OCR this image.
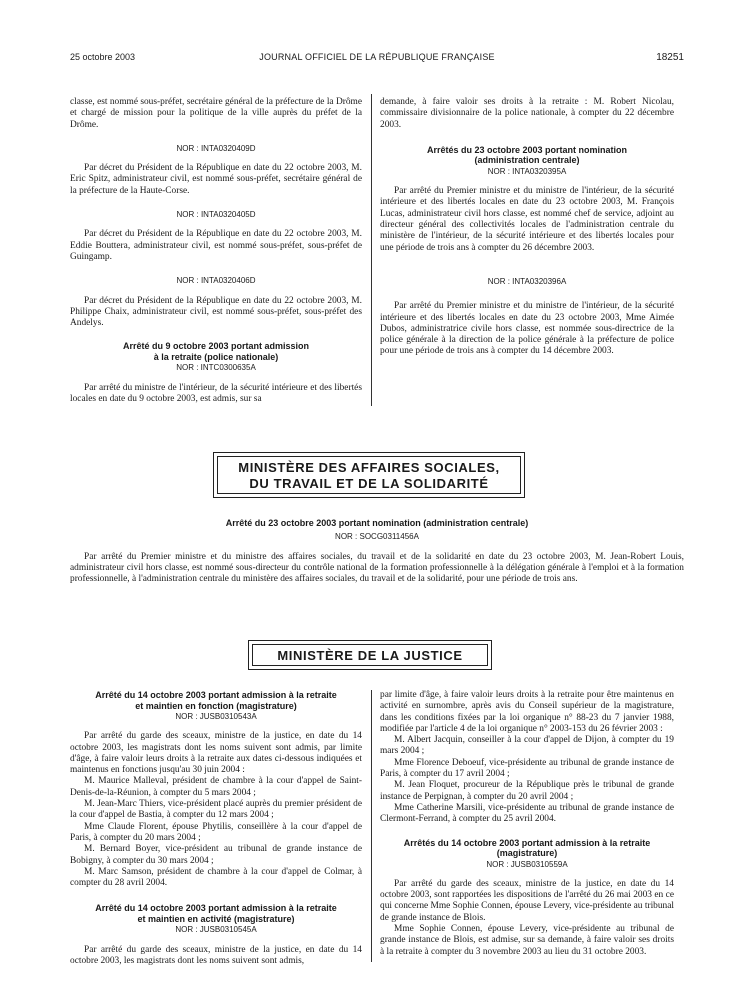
25 octobre 2003	JOURNAL OFFICIEL DE LA RÉPUBLIQUE FRANÇAISE	18251

classe, est nommé sous-préfet, secrétaire général de la préfecture de la Drôme et chargé de mission pour la politique de la ville auprès du préfet de la Drôme.

NOR : INTA0320409D

Par décret du Président de la République en date du 22 octobre 2003, M. Eric Spitz, administrateur civil, est nommé sous-préfet, secrétaire général de la préfecture de la Haute-Corse.

NOR : INTA0320405D

Par décret du Président de la République en date du 22 octobre 2003, M. Eddie Bouttera, administrateur civil, est nommé sous-préfet, sous-préfet de Guingamp.

NOR : INTA0320406D

Par décret du Président de la République en date du 22 octobre 2003, M. Philippe Chaix, administrateur civil, est nommé sous-préfet, sous-préfet des Andelys.

Arrêté du 9 octobre 2003 portant admission
à la retraite (police nationale)
NOR : INTC0300635A

Par arrêté du ministre de l'intérieur, de la sécurité intérieure et des libertés locales en date du 9 octobre 2003, est admis, sur sa

demande, à faire valoir ses droits à la retraite : M. Robert Nicolau, commissaire divisionnaire de la police nationale, à compter du 22 décembre 2003.

Arrêtés du 23 octobre 2003 portant nomination
(administration centrale)
NOR : INTA0320395A

Par arrêté du Premier ministre et du ministre de l'intérieur, de la sécurité intérieure et des libertés locales en date du 23 octobre 2003, M. François Lucas, administrateur civil hors classe, est nommé chef de service, adjoint au directeur général des collectivités locales de l'administration centrale du ministère de l'intérieur, de la sécurité intérieure et des libertés locales pour une période de trois ans à compter du 26 décembre 2003.

NOR : INTA0320396A

Par arrêté du Premier ministre et du ministre de l'intérieur, de la sécurité intérieure et des libertés locales en date du 23 octobre 2003, Mme Aimée Dubos, administratrice civile hors classe, est nommée sous-directrice de la police générale à la direction de la police générale à la préfecture de police pour une période de trois ans à compter du 14 décembre 2003.

MINISTÈRE DES AFFAIRES SOCIALES,
DU TRAVAIL ET DE LA SOLIDARITÉ
Arrêté du 23 octobre 2003 portant nomination (administration centrale)
NOR : SOCG0311456A

Par arrêté du Premier ministre et du ministre des affaires sociales, du travail et de la solidarité en date du 23 octobre 2003, M. Jean-Robert Louis, administrateur civil hors classe, est nommé sous-directeur du contrôle national de la formation professionnelle à la délégation générale à l'emploi et à la formation professionnelle, à l'administration centrale du ministère des affaires sociales, du travail et de la solidarité, pour une période de trois ans.

MINISTÈRE DE LA JUSTICE
Arrêté du 14 octobre 2003 portant admission à la retraite
et maintien en fonction (magistrature)
NOR : JUSB0310543A

Par arrêté du garde des sceaux, ministre de la justice, en date du 14 octobre 2003, les magistrats dont les noms suivent sont admis, par limite d'âge, à faire valoir leurs droits à la retraite aux dates ci-dessous indiquées et maintenus en fonctions jusqu'au 30 juin 2004 :

M. Maurice Malleval, président de chambre à la cour d'appel de Saint-Denis-de-la-Réunion, à compter du 5 mars 2004 ;

M. Jean-Marc Thiers, vice-président placé auprès du premier président de la cour d'appel de Bastia, à compter du 12 mars 2004 ;

Mme Claude Florent, épouse Phytilis, conseillère à la cour d'appel de Paris, à compter du 20 mars 2004 ;

M. Bernard Boyer, vice-président au tribunal de grande instance de Bobigny, à compter du 30 mars 2004 ;

M. Marc Samson, président de chambre à la cour d'appel de Colmar, à compter du 28 avril 2004.

Arrêté du 14 octobre 2003 portant admission à la retraite
et maintien en activité (magistrature)
NOR : JUSB0310545A

Par arrêté du garde des sceaux, ministre de la justice, en date du 14 octobre 2003, les magistrats dont les noms suivent sont admis,

par limite d'âge, à faire valoir leurs droits à la retraite pour être maintenus en activité en surnombre, après avis du Conseil supérieur de la magistrature, dans les conditions fixées par la loi organique n° 88-23 du 7 janvier 1988, modifiée par l'article 4 de la loi organique n° 2003-153 du 26 février 2003 :

M. Albert Jacquin, conseiller à la cour d'appel de Dijon, à compter du 19 mars 2004 ;

Mme Florence Deboeuf, vice-présidente au tribunal de grande instance de Paris, à compter du 17 avril 2004 ;

M. Jean Floquet, procureur de la République près le tribunal de grande instance de Perpignan, à compter du 20 avril 2004 ;

Mme Catherine Marsili, vice-présidente au tribunal de grande instance de Clermont-Ferrand, à compter du 25 avril 2004.

Arrêtés du 14 octobre 2003 portant admission à la retraite
(magistrature)
NOR : JUSB0310559A

Par arrêté du garde des sceaux, ministre de la justice, en date du 14 octobre 2003, sont rapportées les dispositions de l'arrêté du 26 mai 2003 en ce qui concerne Mme Sophie Connen, épouse Levery, vice-présidente au tribunal de grande instance de Blois.

Mme Sophie Connen, épouse Levery, vice-présidente au tribunal de grande instance de Blois, est admise, sur sa demande, à faire valoir ses droits à la retraite à compter du 3 novembre 2003 au lieu du 31 octobre 2003.
